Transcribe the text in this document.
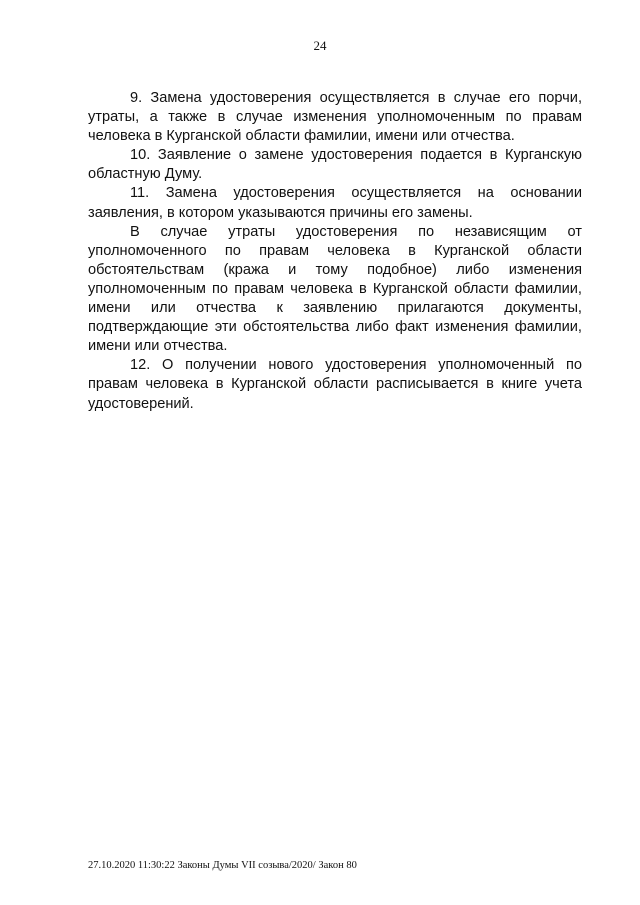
24

9. Замена удостоверения осуществляется в случае его порчи, утраты, а также в случае изменения уполномоченным по правам человека в Курганской области фамилии, имени или отчества.

10. Заявление о замене удостоверения подается в Курганскую областную Думу.

11. Замена удостоверения осуществляется на основании заявления, в котором указываются причины его замены.

В случае утраты удостоверения по независящим от уполномоченного по правам человека в Курганской области обстоятельствам (кража и тому подобное) либо изменения уполномоченным по правам человека в Курганской области фамилии, имени или отчества к заявлению прилагаются документы, подтверждающие эти обстоятельства либо факт изменения фамилии, имени или отчества.

12. О получении нового удостоверения уполномоченный по правам человека в Курганской области расписывается в книге учета удостоверений.

27.10.2020 11:30:22 Законы Думы VII созыва/2020/ Закон 80
